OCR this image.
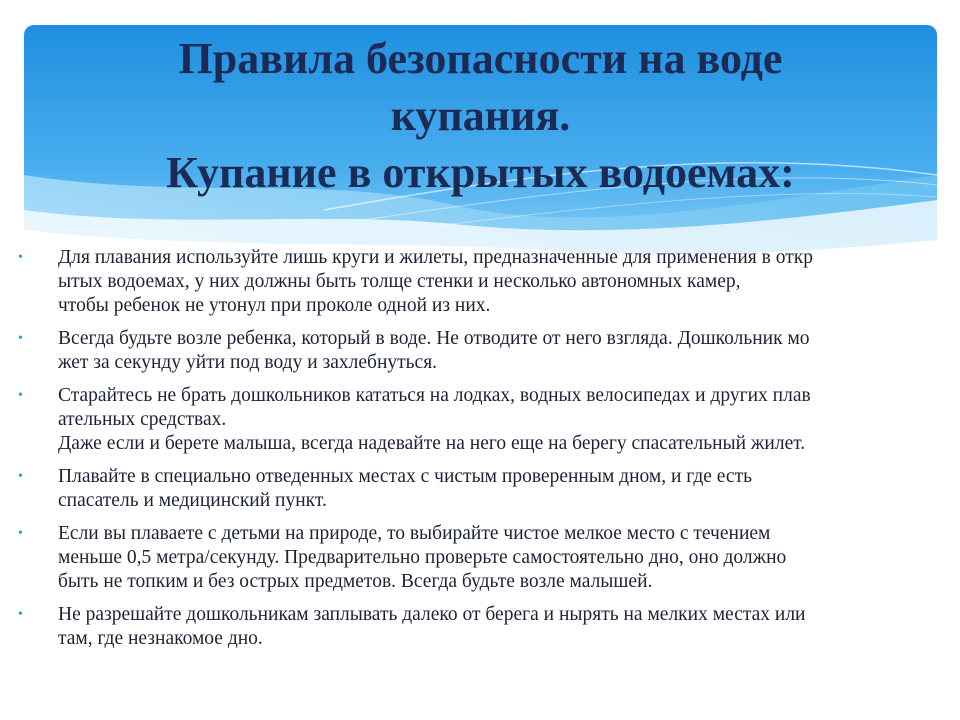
Правила безопасности на воде
купания.
Купание в открытых водоемах:
• Для плавания используйте лишь круги и жилеты, предназначенные для применения в откр
ытых водоемах, у них должны быть толще стенки и несколько автономных камер,
чтобы ребенок не утонул при проколе одной из них.
• Всегда будьте возле ребенка, который в воде. Не отводите от него взгляда. Дошкольник мо
жет за секунду уйти под воду и захлебнуться.
• Старайтесь не брать дошкольников кататься на лодках, водных велосипедах и других плав
ательных средствах.
Даже если и берете малыша, всегда надевайте на него еще на берегу спасательный жилет.
• Плавайте в специально отведенных местах с чистым проверенным дном, и где есть
спасатель и медицинский пункт.
• Если вы плаваете с детьми на природе, то выбирайте чистое мелкое место с течением
меньше 0,5 метра/секунду. Предварительно проверьте самостоятельно дно, оно должно
быть не топким и без острых предметов. Всегда будьте возле малышей.
• Не разрешайте дошкольникам заплывать далеко от берега и нырять на мелких местах или
там, где незнакомое дно.
